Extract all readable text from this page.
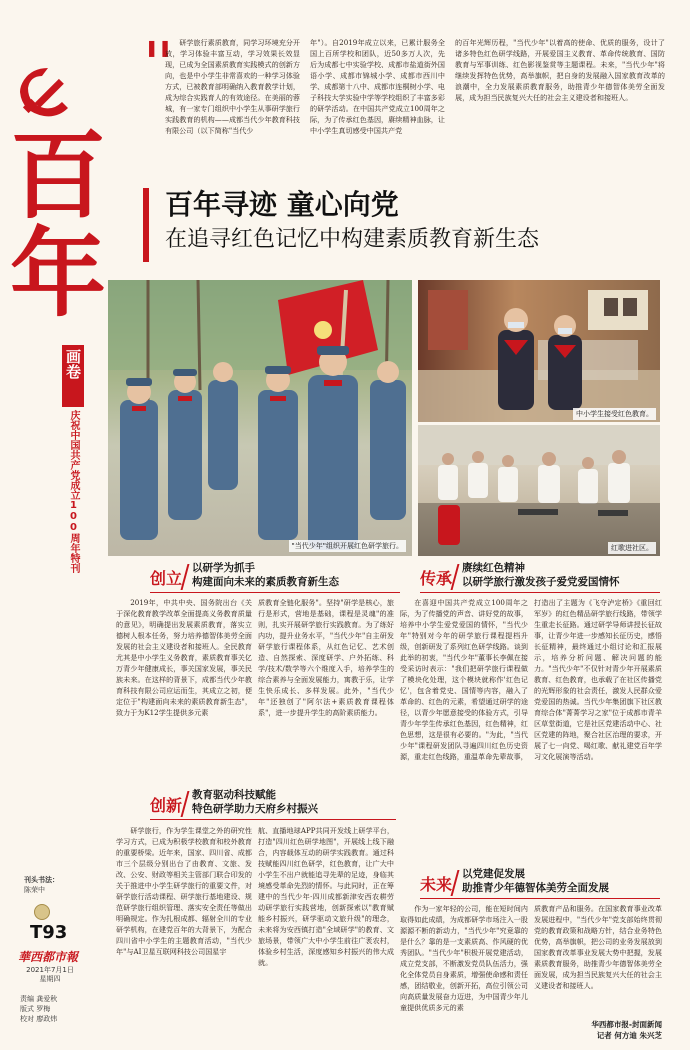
百
年
画卷
庆祝中国共产党成立100周年特刊
刊头书法：
陈荣中
T93
華西都市報
2021年7月1日
星期四
责编 龚爱秋
版式 罗梅
校对 廖政炜
❚❚	研学旅行素质教育，同学习环境充分开放，学习体验丰富互动，学习效果长效显现，已成为全国素质教育实践模式的创新方向，也是中小学生非常喜欢的一种学习体验方式，已被教育部明确纳入教育教学计划，成为综合实践育人的有效途径。在美丽的蓉城，有一家专门组织中小学生从事研学旅行实践教育的机构——成都当代少年教育科技有限公司（以下简称"当代少
年"）。自2019年成立以来，已累计服务全国上百所学校和团队，近50多万人次，先后为成都七中实验学校、成都市盐道街外国语小学、成都市锦城小学、成都市西川中学、成都第十八中、成都市连桐树小学、电子科技大学实验中学等学校组织了丰富多彩的研学活动。在中国共产党成立100周年之际，为了传承红色基因，赓续精神血脉，让中小学生真切感受中国共产党
的百年光辉历程，"当代少年"以着高的使命、优质的服务，设计了诸多特色红色研学线路，开展爱国主义教育、革命传统教育、国防教育与军事训练、红色影视鉴赏等主题课程。未来，"当代少年"将继续发挥特色优势，高举旗帜，把自身的发展融入国家教育改革的浪潮中，全力发展素质教育服务，助推青少年德智体美劳全面发展，成为担当民族复兴大任的社会主义建设者和接班人。
百年寻迹 童心向党
在追寻红色记忆中构建素质教育新生态
"当代少年"组织开展红色研学旅行。
中小学生接受红色教育。
红歌进社区。
创立
以研学为抓手
构建面向未来的素质教育新生态
2019年，中共中央、国务院出台《关于深化教育教学改革全面提高义务教育质量的意见》，明确提出发展素质教育，落实立德树人根本任务，努力培养德智体美劳全面发展的社会主义建设者和接班人。全民教育尤其是中小学生义务教育，素质教育事关亿万青少年健康成长，事关国家发展，事关民族未来。在这样的背景下，成都当代少年教育科技有限公司应运而生，其成立之初，便定位于"构建面向未来的素质教育新生态"，致力于为K12学生提供多元素
质教育全链化服务"。坚持"研学是核心，旅行是形式，营地是基础，课程是灵魂"的准则，扎实开展研学旅行实践教育。为了练好内功，提升业务水平，"当代少年"自主研发研学旅行课程体系，从红色记忆、艺术创造、自然探索、深度研学、户外拓练、科学/技术/数学等六个维度入手，培养学生的综合素养与全面发展能力，寓教于乐，让学生快乐成长、多样发展。此外，"当代少年"还独创了"阿尔法+素质教育课程体系"，进一步提升学生的高阶素质能力。
传承
赓续红色精神
以研学旅行激发孩子爱党爱国情怀
在喜迎中国共产党成立100周年之际，为了传播党的声音、讲好党的故事，培养中小学生爱党爱国的情怀，"当代少年"特别对今年的研学旅行课程提档升级，创新研发了系列红色研学线路。谈到此举的初衷，"当代少年"董事长李佩在接受采访时表示："我们把研学旅行课程做了模块化处理，这个模块就称作'红色记忆'，包含着党史、国情等内容，融入了革命的、红色的元素，希望通过研学的途径，以青少年愿意接受的体验方式，引导青少年学生传承红色基因，红色精神，红色思想，这是很有必要的。"为此，"当代少年"课程研发团队寻遍四川红色历史资源，重走红色线路，重温革命先辈故事，
打造出了主题为《飞夺泸定桥》《重回红军岁》的红色精品研学旅行线路，带领学生重走长征路。通过研学导师讲授长征故事，让青少年进一步感知长征历史，感悟长征精神，最终通过小组讨论和汇报展示，培养分析问题、解决问题的能力。"当代少年"不仅针对青少年开展素质教育、红色教育，也承载了在社区传播党的光辉形象的社会责任，激发人民群众爱党爱国的热诚。当代少年集团旗下社区教育综合体"菁菁学习之家"位于成都市青羊区草堂街道，它是社区党建活动中心、社区党建的阵地，聚合社区治理的要求，开展了七一向党、喝红歌、献礼建党百年学习文化展演等活动。
创新
教育驱动科技赋能
特色研学助力天府乡村振兴
研学旅行，作为学生课堂之外的研究性学习方式，已成为积极学校教育和校外教育的重要桥梁。近年来，国家、四川省、成都市三个层级分别出台了由教育、文旅、发改、公安、财政等相关主管部门联合印发的关于推进中小学生研学旅行的重要文件，对研学旅行活动课程、研学旅行基地建设、规范研学旅行组织管理、落实安全责任等做出明确规定。作为扎根成都、辐射全川的专业研学机构，在建党百年的大背景下，为配合四川省中小学生的主题教育活动，"当代少年"与AI卫星互联网科技公司国星宇
航、直播地球APP共同开发线上研学平台，打造"四川红色研学地图"，开展线上线下融合，内容载体互动的研学实践教育。通过科技赋能四川红色研学，红色教育，让广大中小学生不出户就能追寻先辈的足迹，身临其境感受革命先烈的情怀。与此同时，正在筹建中的当代少年·四川成都新津安西农耕劳动研学旅行实践营地，创新探索以"教育赋能乡村振兴，研学驱动文旅升级"的理念，未来将为安西镇打造"全域研学"的教育、文旅场景，带领广大中小学生前往广袤农村，体验乡村生活，深度感知乡村振兴的伟大成就。
未来
以党建促发展
助推青少年德智体美劳全面发展
作为一家年轻的公司，能在短时间内取得如此成绩，为成都研学市场注入一股源源不断的新动力，"当代少年"究竟靠的是什么？靠的是一支素质高、作风硬的优秀团队。"当代少年"积极开展党建活动，成立党支部，不断激发党员队伍活力，强化全体党员自身素质，增强使命感和责任感，团结敬业，创新开拓，高位引领公司向高质量发展奋力迈进，为中国青少年儿童提供优质多元的素
质教育产品和服务。在国家教育事业改革发展进程中，"当代少年"党支部始终贯彻党的教育政策和战略方针，结合业务特色优势，高举旗帜，把公司的业务发展放到国家教育改革事业发展大势中把握，发展素质教育服务，助推青少年德智体美劳全面发展，成为担当民族复兴大任的社会主义建设者和接班人。
华西都市报-封面新闻
记者 何方迪 朱兴芝
